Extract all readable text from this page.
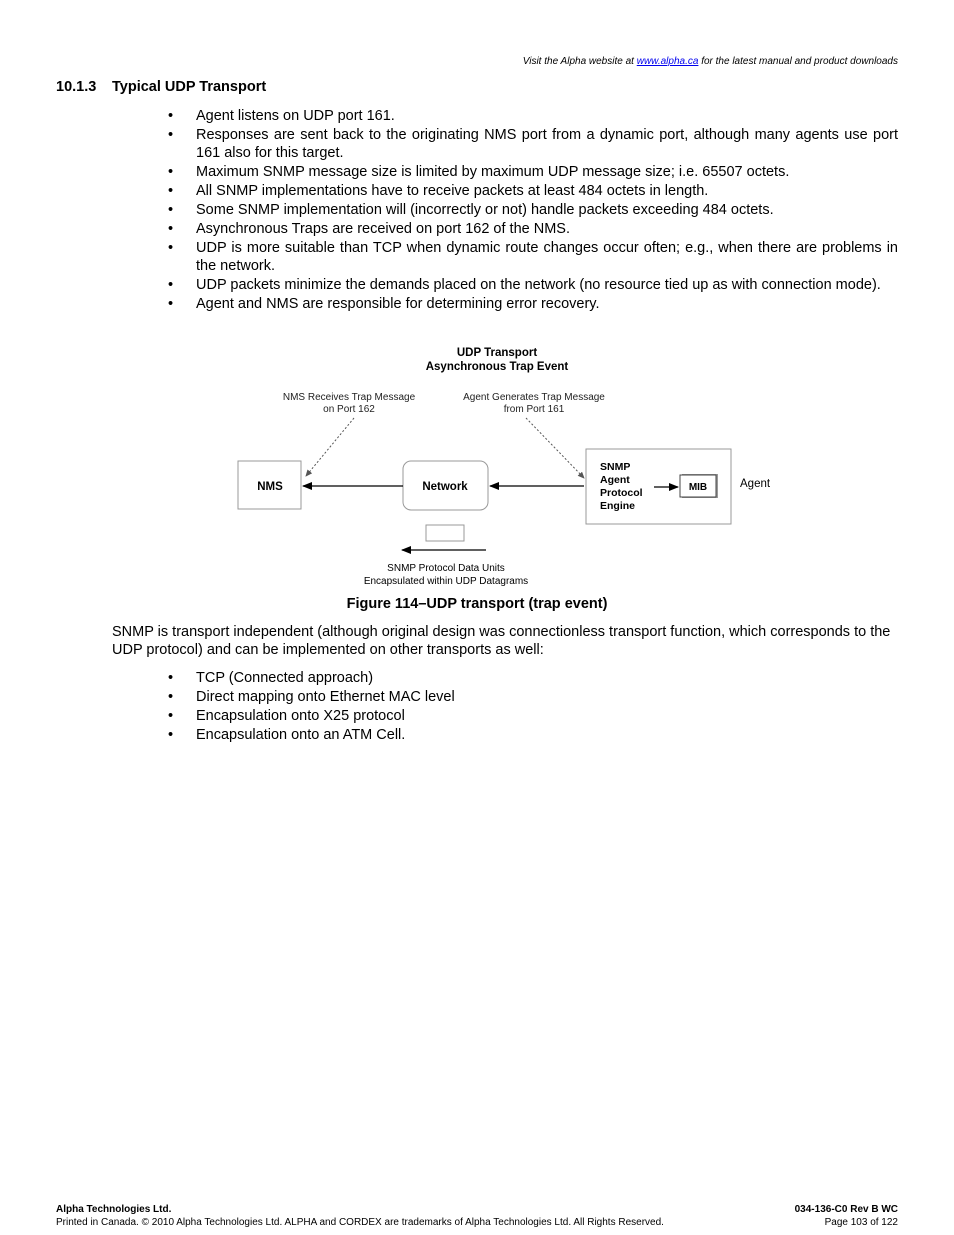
Visit the Alpha website at www.alpha.ca for the latest manual and product downloads
10.1.3 Typical UDP Transport
• Agent listens on UDP port 161.
• Responses are sent back to the originating NMS port from a dynamic port, although many agents use port 161 also for this target.
• Maximum SNMP message size is limited by maximum UDP message size; i.e. 65507 octets.
• All SNMP implementations have to receive packets at least 484 octets in length.
• Some SNMP implementation will (incorrectly or not) handle packets exceeding 484 octets.
• Asynchronous Traps are received on port 162 of the NMS.
• UDP is more suitable than TCP when dynamic route changes occur often; e.g., when there are problems in the network.
• UDP packets minimize the demands placed on the network (no resource tied up as with connection mode).
• Agent and NMS are responsible for determining error recovery.
UDP Transport
Asynchronous Trap Event
NMS Receives Trap Message
on Port 162
Agent Generates Trap Message
from Port 161
NMS	Network
SNMP
Agent
Protocol
Engine
MIB	Agent
SNMP Protocol Data Units
Encapsulated within UDP Datagrams
Figure 114–UDP transport (trap event)
SNMP is transport independent (although original design was connectionless transport function, which corresponds to the UDP protocol) and can be implemented on other transports as well:
• TCP (Connected approach)
• Direct mapping onto Ethernet MAC level
• Encapsulation onto X25 protocol
• Encapsulation onto an ATM Cell.
Alpha Technologies Ltd.
Printed in Canada. © 2010 Alpha Technologies Ltd. ALPHA and CORDEX are trademarks of Alpha Technologies Ltd. All Rights Reserved.
034-136-C0 Rev B WC
Page 103 of 122
